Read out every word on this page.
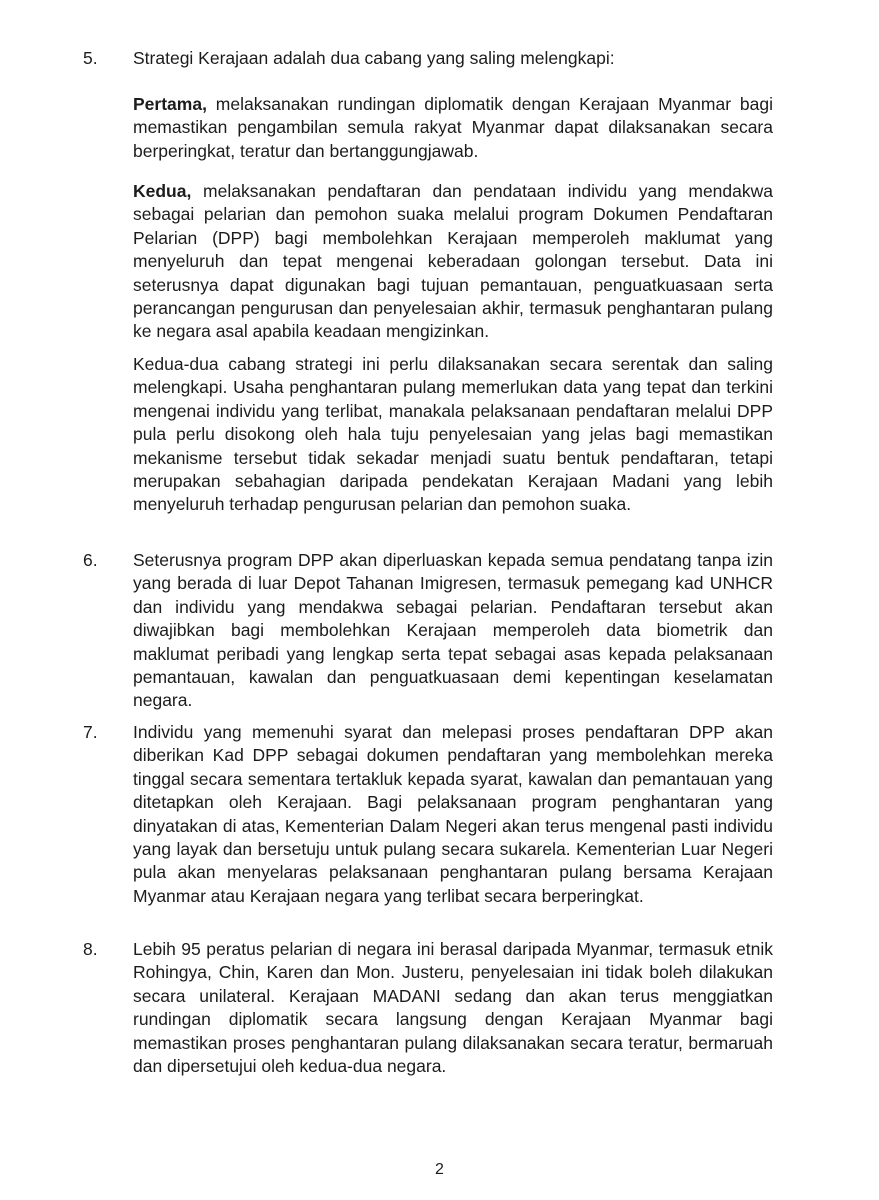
5. Strategi Kerajaan adalah dua cabang yang saling melengkapi:

Pertama, melaksanakan rundingan diplomatik dengan Kerajaan Myanmar bagi memastikan pengambilan semula rakyat Myanmar dapat dilaksanakan secara berperingkat, teratur dan bertanggungjawab.

Kedua, melaksanakan pendaftaran dan pendataan individu yang mendakwa sebagai pelarian dan pemohon suaka melalui program Dokumen Pendaftaran Pelarian (DPP) bagi membolehkan Kerajaan memperoleh maklumat yang menyeluruh dan tepat mengenai keberadaan golongan tersebut. Data ini seterusnya dapat digunakan bagi tujuan pemantauan, penguatkuasaan serta perancangan pengurusan dan penyelesaian akhir, termasuk penghantaran pulang ke negara asal apabila keadaan mengizinkan.

Kedua-dua cabang strategi ini perlu dilaksanakan secara serentak dan saling melengkapi. Usaha penghantaran pulang memerlukan data yang tepat dan terkini mengenai individu yang terlibat, manakala pelaksanaan pendaftaran melalui DPP pula perlu disokong oleh hala tuju penyelesaian yang jelas bagi memastikan mekanisme tersebut tidak sekadar menjadi suatu bentuk pendaftaran, tetapi merupakan sebahagian daripada pendekatan Kerajaan Madani yang lebih menyeluruh terhadap pengurusan pelarian dan pemohon suaka.

6. Seterusnya program DPP akan diperluaskan kepada semua pendatang tanpa izin yang berada di luar Depot Tahanan Imigresen, termasuk pemegang kad UNHCR dan individu yang mendakwa sebagai pelarian. Pendaftaran tersebut akan diwajibkan bagi membolehkan Kerajaan memperoleh data biometrik dan maklumat peribadi yang lengkap serta tepat sebagai asas kepada pelaksanaan pemantauan, kawalan dan penguatkuasaan demi kepentingan keselamatan negara.

7. Individu yang memenuhi syarat dan melepasi proses pendaftaran DPP akan diberikan Kad DPP sebagai dokumen pendaftaran yang membolehkan mereka tinggal secara sementara tertakluk kepada syarat, kawalan dan pemantauan yang ditetapkan oleh Kerajaan. Bagi pelaksanaan program penghantaran yang dinyatakan di atas, Kementerian Dalam Negeri akan terus mengenal pasti individu yang layak dan bersetuju untuk pulang secara sukarela. Kementerian Luar Negeri pula akan menyelaras pelaksanaan penghantaran pulang bersama Kerajaan Myanmar atau Kerajaan negara yang terlibat secara berperingkat.

8. Lebih 95 peratus pelarian di negara ini berasal daripada Myanmar, termasuk etnik Rohingya, Chin, Karen dan Mon. Justeru, penyelesaian ini tidak boleh dilakukan secara unilateral. Kerajaan MADANI sedang dan akan terus menggiatkan rundingan diplomatik secara langsung dengan Kerajaan Myanmar bagi memastikan proses penghantaran pulang dilaksanakan secara teratur, bermaruah dan dipersetujui oleh kedua-dua negara.

2
